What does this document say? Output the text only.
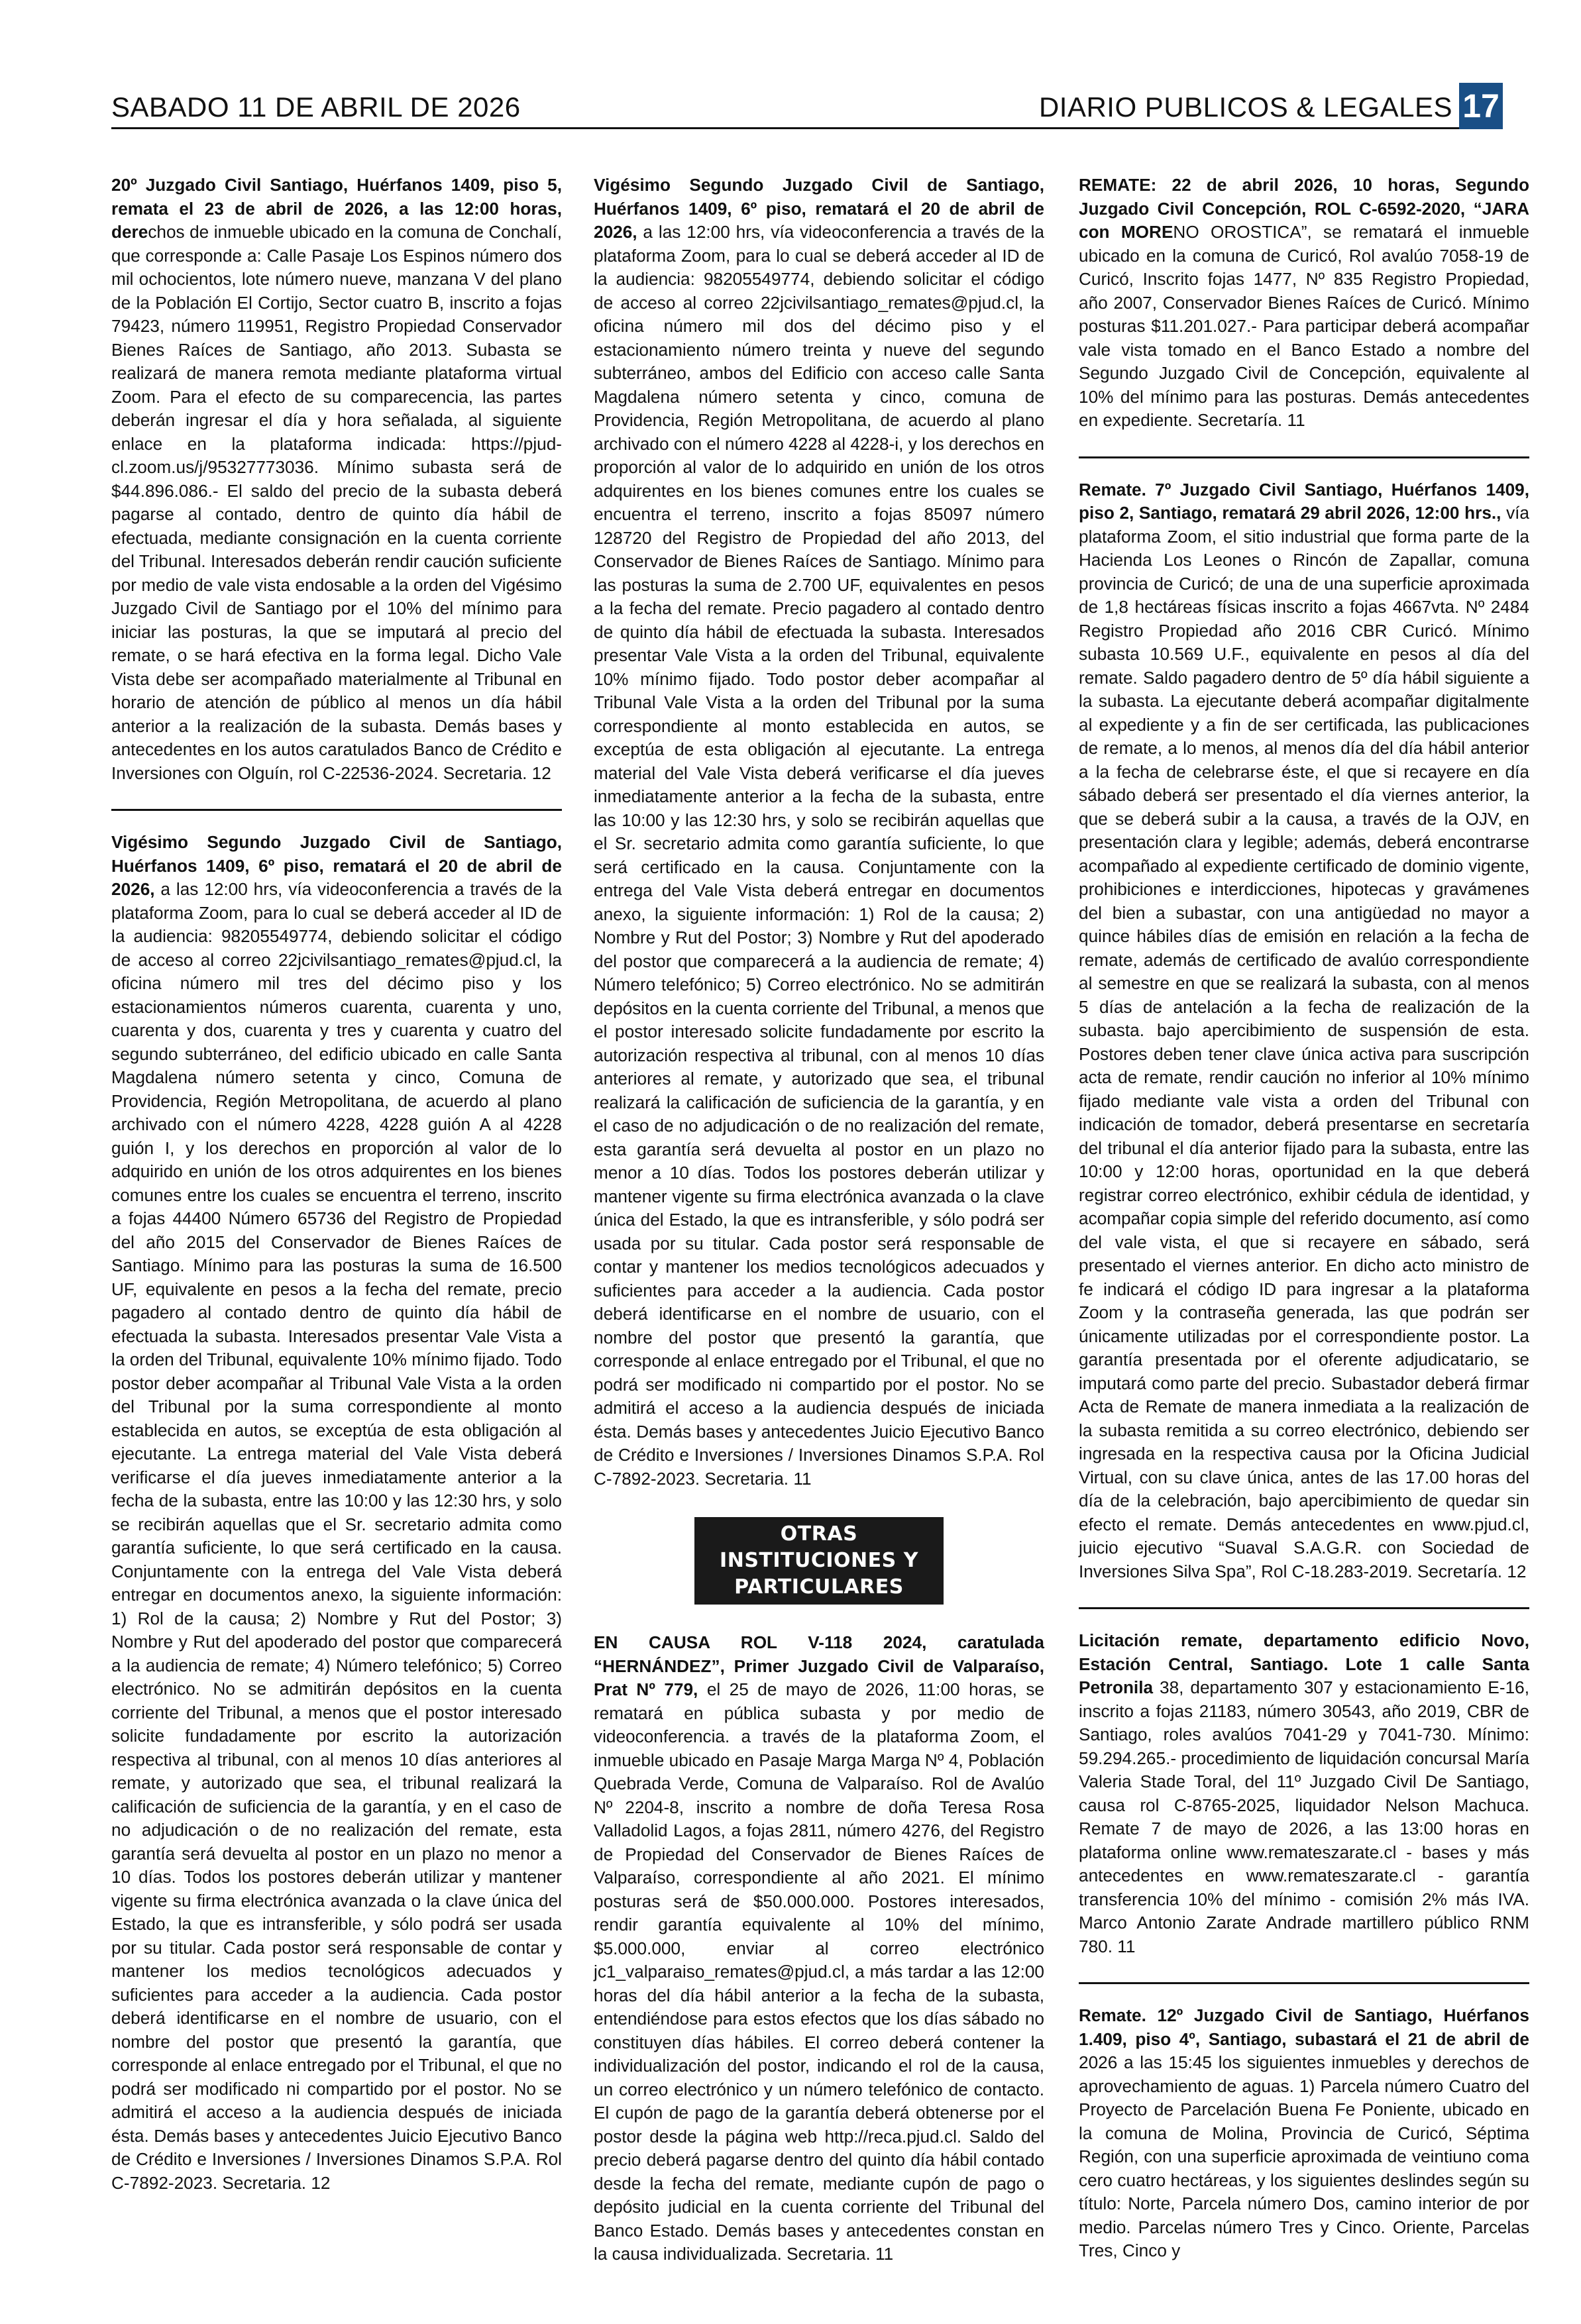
SABADO 11 DE ABRIL DE 2026	DIARIO PUBLICOS & LEGALES 17

20º Juzgado Civil Santiago, Huérfanos 1409, piso 5, remata el 23 de abril de 2026, a las 12:00 horas, derechos de inmueble ubicado en la comuna de Conchalí, que corresponde a: Calle Pasaje Los Espinos número dos mil ochocientos, lote número nueve, manzana V del plano de la Población El Cortijo, Sector cuatro B, inscrito a fojas 79423, número 119951, Registro Propiedad Conservador Bienes Raíces de Santiago, año 2013. Subasta se realizará de manera remota mediante plataforma virtual Zoom. Para el efecto de su comparecencia, las partes deberán ingresar el día y hora señalada, al siguiente enlace en la plataforma indicada: https://pjud-cl.zoom.us/j/95327773036. Mínimo subasta será de $44.896.086.- El saldo del precio de la subasta deberá pagarse al contado, dentro de quinto día hábil de efectuada, mediante consignación en la cuenta corriente del Tribunal. Interesados deberán rendir caución suficiente por medio de vale vista endosable a la orden del Vigésimo Juzgado Civil de Santiago por el 10% del mínimo para iniciar las posturas, la que se imputará al precio del remate, o se hará efectiva en la forma legal. Dicho Vale Vista debe ser acompañado materialmente al Tribunal en horario de atención de público al menos un día hábil anterior a la realización de la subasta. Demás bases y antecedentes en los autos caratulados Banco de Crédito e Inversiones con Olguín, rol C-22536-2024. Secretaria. 12

Vigésimo Segundo Juzgado Civil de Santiago, Huérfanos 1409, 6º piso, rematará el 20 de abril de 2026, a las 12:00 hrs, vía videoconferencia a través de la plataforma Zoom, para lo cual se deberá acceder al ID de la audiencia: 98205549774, debiendo solicitar el código de acceso al correo 22jcivilsantiago_remates@pjud.cl, la oficina número mil tres del décimo piso y los estacionamientos números cuarenta, cuarenta y uno, cuarenta y dos, cuarenta y tres y cuarenta y cuatro del segundo subterráneo, del edificio ubicado en calle Santa Magdalena número setenta y cinco, Comuna de Providencia, Región Metropolitana, de acuerdo al plano archivado con el número 4228, 4228 guión A al 4228 guión I, y los derechos en proporción al valor de lo adquirido en unión de los otros adquirentes en los bienes comunes entre los cuales se encuentra el terreno, inscrito a fojas 44400 Número 65736 del Registro de Propiedad del año 2015 del Conservador de Bienes Raíces de Santiago. Mínimo para las posturas la suma de 16.500 UF, equivalente en pesos a la fecha del remate, precio pagadero al contado dentro de quinto día hábil de efectuada la subasta. Interesados presentar Vale Vista a la orden del Tribunal, equivalente 10% mínimo fijado. Todo postor deber acompañar al Tribunal Vale Vista a la orden del Tribunal por la suma correspondiente al monto establecida en autos, se exceptúa de esta obligación al ejecutante. La entrega material del Vale Vista deberá verificarse el día jueves inmediatamente anterior a la fecha de la subasta, entre las 10:00 y las 12:30 hrs, y solo se recibirán aquellas que el Sr. secretario admita como garantía suficiente, lo que será certificado en la causa. Conjuntamente con la entrega del Vale Vista deberá entregar en documentos anexo, la siguiente información: 1) Rol de la causa; 2) Nombre y Rut del Postor; 3) Nombre y Rut del apoderado del postor que comparecerá a la audiencia de remate; 4) Número telefónico; 5) Correo electrónico. No se admitirán depósitos en la cuenta corriente del Tribunal, a menos que el postor interesado solicite fundadamente por escrito la autorización respectiva al tribunal, con al menos 10 días anteriores al remate, y autorizado que sea, el tribunal realizará la calificación de suficiencia de la garantía, y en el caso de no adjudicación o de no realización del remate, esta garantía será devuelta al postor en un plazo no menor a 10 días. Todos los postores deberán utilizar y mantener vigente su firma electrónica avanzada o la clave única del Estado, la que es intransferible, y sólo podrá ser usada por su titular. Cada postor será responsable de contar y mantener los medios tecnológicos adecuados y suficientes para acceder a la audiencia. Cada postor deberá identificarse en el nombre de usuario, con el nombre del postor que presentó la garantía, que corresponde al enlace entregado por el Tribunal, el que no podrá ser modificado ni compartido por el postor. No se admitirá el acceso a la audiencia después de iniciada ésta. Demás bases y antecedentes Juicio Ejecutivo Banco de Crédito e Inversiones / Inversiones Dinamos S.P.A. Rol C-7892-2023. Secretaria. 12

Vigésimo Segundo Juzgado Civil de Santiago, Huérfanos 1409, 6º piso, rematará el 20 de abril de 2026, a las 12:00 hrs, vía videoconferencia a través de la plataforma Zoom, para lo cual se deberá acceder al ID de la audiencia: 98205549774, debiendo solicitar el código de acceso al correo 22jcivilsantiago_remates@pjud.cl, la oficina número mil dos del décimo piso y el estacionamiento número treinta y nueve del segundo subterráneo, ambos del Edificio con acceso calle Santa Magdalena número setenta y cinco, comuna de Providencia, Región Metropolitana, de acuerdo al plano archivado con el número 4228 al 4228-i, y los derechos en proporción al valor de lo adquirido en unión de los otros adquirentes en los bienes comunes entre los cuales se encuentra el terreno, inscrito a fojas 85097 número 128720 del Registro de Propiedad del año 2013, del Conservador de Bienes Raíces de Santiago. Mínimo para las posturas la suma de 2.700 UF, equivalentes en pesos a la fecha del remate. Precio pagadero al contado dentro de quinto día hábil de efectuada la subasta. Interesados presentar Vale Vista a la orden del Tribunal, equivalente 10% mínimo fijado. Todo postor deber acompañar al Tribunal Vale Vista a la orden del Tribunal por la suma correspondiente al monto establecida en autos, se exceptúa de esta obligación al ejecutante. La entrega material del Vale Vista deberá verificarse el día jueves inmediatamente anterior a la fecha de la subasta, entre las 10:00 y las 12:30 hrs, y solo se recibirán aquellas que el Sr. secretario admita como garantía suficiente, lo que será certificado en la causa. Conjuntamente con la entrega del Vale Vista deberá entregar en documentos anexo, la siguiente información: 1) Rol de la causa; 2) Nombre y Rut del Postor; 3) Nombre y Rut del apoderado del postor que comparecerá a la audiencia de remate; 4) Número telefónico; 5) Correo electrónico. No se admitirán depósitos en la cuenta corriente del Tribunal, a menos que el postor interesado solicite fundadamente por escrito la autorización respectiva al tribunal, con al menos 10 días anteriores al remate, y autorizado que sea, el tribunal realizará la calificación de suficiencia de la garantía, y en el caso de no adjudicación o de no realización del remate, esta garantía será devuelta al postor en un plazo no menor a 10 días. Todos los postores deberán utilizar y mantener vigente su firma electrónica avanzada o la clave única del Estado, la que es intransferible, y sólo podrá ser usada por su titular. Cada postor será responsable de contar y mantener los medios tecnológicos adecuados y suficientes para acceder a la audiencia. Cada postor deberá identificarse en el nombre de usuario, con el nombre del postor que presentó la garantía, que corresponde al enlace entregado por el Tribunal, el que no podrá ser modificado ni compartido por el postor. No se admitirá el acceso a la audiencia después de iniciada ésta. Demás bases y antecedentes Juicio Ejecutivo Banco de Crédito e Inversiones / Inversiones Dinamos S.P.A. Rol C-7892-2023. Secretaria. 11

OTRAS INSTITUCIONES Y PARTICULARES

EN CAUSA ROL V-118 2024, caratulada “HERNÁNDEZ”, Primer Juzgado Civil de Valparaíso, Prat Nº 779, el 25 de mayo de 2026, 11:00 horas, se rematará en pública subasta y por medio de videoconferencia. a través de la plataforma Zoom, el inmueble ubicado en Pasaje Marga Marga Nº 4, Población Quebrada Verde, Comuna de Valparaíso. Rol de Avalúo Nº 2204-8, inscrito a nombre de doña Teresa Rosa Valladolid Lagos, a fojas 2811, número 4276, del Registro de Propiedad del Conservador de Bienes Raíces de Valparaíso, correspondiente al año 2021. El mínimo posturas será de $50.000.000. Postores interesados, rendir garantía equivalente al 10% del mínimo, $5.000.000, enviar al correo electrónico jc1_valparaiso_remates@pjud.cl, a más tardar a las 12:00 horas del día hábil anterior a la fecha de la subasta, entendiéndose para estos efectos que los días sábado no constituyen días hábiles. El correo deberá contener la individualización del postor, indicando el rol de la causa, un correo electrónico y un número telefónico de contacto. El cupón de pago de la garantía deberá obtenerse por el postor desde la página web http://reca.pjud.cl. Saldo del precio deberá pagarse dentro del quinto día hábil contado desde la fecha del remate, mediante cupón de pago o depósito judicial en la cuenta corriente del Tribunal del Banco Estado. Demás bases y antecedentes constan en la causa individualizada. Secretaria. 11

REMATE: 22 de abril 2026, 10 horas, Segundo Juzgado Civil Concepción, ROL C-6592-2020, “JARA con MORENO OROSTICA”, se rematará el inmueble ubicado en la comuna de Curicó, Rol avalúo 7058-19 de Curicó, Inscrito fojas 1477, Nº 835 Registro Propiedad, año 2007, Conservador Bienes Raíces de Curicó. Mínimo posturas $11.201.027.- Para participar deberá acompañar vale vista tomado en el Banco Estado a nombre del Segundo Juzgado Civil de Concepción, equivalente al 10% del mínimo para las posturas. Demás antecedentes en expediente. Secretaría. 11

Remate. 7º Juzgado Civil Santiago, Huérfanos 1409, piso 2, Santiago, rematará 29 abril 2026, 12:00 hrs., vía plataforma Zoom, el sitio industrial que forma parte de la Hacienda Los Leones o Rincón de Zapallar, comuna provincia de Curicó; de una de una superficie aproximada de 1,8 hectáreas físicas inscrito a fojas 4667vta. Nº 2484 Registro Propiedad año 2016 CBR Curicó. Mínimo subasta 10.569 U.F., equivalente en pesos al día del remate. Saldo pagadero dentro de 5º día hábil siguiente a la subasta. La ejecutante deberá acompañar digitalmente al expediente y a fin de ser certificada, las publicaciones de remate, a lo menos, al menos día del día hábil anterior a la fecha de celebrarse éste, el que si recayere en día sábado deberá ser presentado el día viernes anterior, la que se deberá subir a la causa, a través de la OJV, en presentación clara y legible; además, deberá encontrarse acompañado al expediente certificado de dominio vigente, prohibiciones e interdicciones, hipotecas y gravámenes del bien a subastar, con una antigüedad no mayor a quince hábiles días de emisión en relación a la fecha de remate, además de certificado de avalúo correspondiente al semestre en que se realizará la subasta, con al menos 5 días de antelación a la fecha de realización de la subasta. bajo apercibimiento de suspensión de esta. Postores deben tener clave única activa para suscripción acta de remate, rendir caución no inferior al 10% mínimo fijado mediante vale vista a orden del Tribunal con indicación de tomador, deberá presentarse en secretaría del tribunal el día anterior fijado para la subasta, entre las 10:00 y 12:00 horas, oportunidad en la que deberá registrar correo electrónico, exhibir cédula de identidad, y acompañar copia simple del referido documento, así como del vale vista, el que si recayere en sábado, será presentado el viernes anterior. En dicho acto ministro de fe indicará el código ID para ingresar a la plataforma Zoom y la contraseña generada, las que podrán ser únicamente utilizadas por el correspondiente postor. La garantía presentada por el oferente adjudicatario, se imputará como parte del precio. Subastador deberá firmar Acta de Remate de manera inmediata a la realización de la subasta remitida a su correo electrónico, debiendo ser ingresada en la respectiva causa por la Oficina Judicial Virtual, con su clave única, antes de las 17.00 horas del día de la celebración, bajo apercibimiento de quedar sin efecto el remate. Demás antecedentes en www.pjud.cl, juicio ejecutivo “Suaval S.A.G.R. con Sociedad de Inversiones Silva Spa”, Rol C-18.283-2019. Secretaría. 12

Licitación remate, departamento edificio Novo, Estación Central, Santiago. Lote 1 calle Santa Petronila 38, departamento 307 y estacionamiento E-16, inscrito a fojas 21183, número 30543, año 2019, CBR de Santiago, roles avalúos 7041-29 y 7041-730. Mínimo: 59.294.265.- procedimiento de liquidación concursal María Valeria Stade Toral, del 11º Juzgado Civil De Santiago, causa rol C-8765-2025, liquidador Nelson Machuca. Remate 7 de mayo de 2026, a las 13:00 horas en plataforma online www.remateszarate.cl - bases y más antecedentes en www.remateszarate.cl - garantía transferencia 10% del mínimo - comisión 2% más IVA. Marco Antonio Zarate Andrade martillero público RNM 780. 11

Remate. 12º Juzgado Civil de Santiago, Huérfanos 1.409, piso 4º, Santiago, subastará el 21 de abril de 2026 a las 15:45 los siguientes inmuebles y derechos de aprovechamiento de aguas. 1) Parcela número Cuatro del Proyecto de Parcelación Buena Fe Poniente, ubicado en la comuna de Molina, Provincia de Curicó, Séptima Región, con una superficie aproximada de veintiuno coma cero cuatro hectáreas, y los siguientes deslindes según su título: Norte, Parcela número Dos, camino interior de por medio. Parcelas número Tres y Cinco. Oriente, Parcelas Tres, Cinco y
